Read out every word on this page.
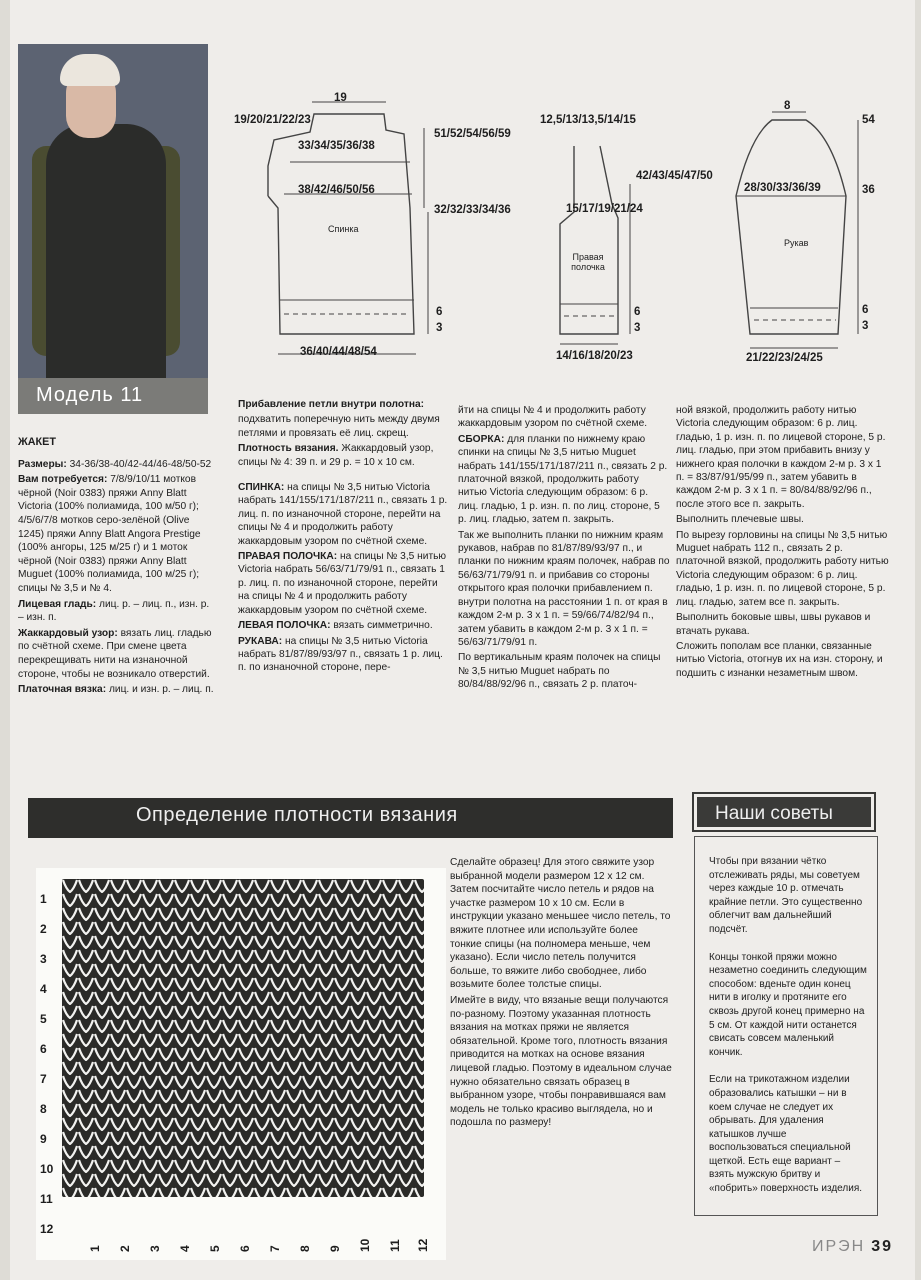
Модель 11

ЖАКЕТ

Размеры: 34-36/38-40/42-44/46-48/50-52

Вам потребуется: 7/8/9/10/11 мотков чёрной (Noir 0383) пряжи Anny Blatt Victoria (100% полиамида, 100 м/50 г); 4/5/6/7/8 мотков серо-зелёной (Olive 1245) пряжи Anny Blatt Angora Prestige (100% ангоры, 125 м/25 г) и 1 моток чёрной (Noir 0383) пряжи Anny Blatt Muguet (100% полиамида, 100 м/25 г); спицы № 3,5 и № 4.

Лицевая гладь: лиц. р. – лиц. п., изн. р. – изн. п.

Жаккардовый узор: вязать лиц. гладью по счётной схеме. При смене цвета перекрещивать нити на изнаночной стороне, чтобы не возникало отверстий.

Платочная вязка: лиц. и изн. р. – лиц. п.

19
33/34/35/36/38
38/42/46/50/56
19/20/21/22/23
51/52/54/56/59
32/32/33/34/36
6
3
36/40/44/48/54
Спинка
12,5/13/13,5/14/15
15/17/19/21/24
42/43/45/47/50
6
3
14/16/18/20/23
Правая полочка
8
28/30/33/36/39
54
36
6
3
21/22/23/24/25
Рукав

Прибавление петли внутри полотна:

подхватить поперечную нить между двумя петлями и провязать её лиц. скрещ.

Плотность вязания. Жаккардовый узор, спицы № 4: 39 п. и 29 р. = 10 x 10 см.

СПИНКА: на спицы № 3,5 нитью Victoria набрать 141/155/171/187/211 п., связать 1 р. лиц. п. по изнаночной стороне, перейти на спицы № 4 и продолжить работу жаккардовым узором по счётной схеме.

ПРАВАЯ ПОЛОЧКА: на спицы № 3,5 нитью Victoria набрать 56/63/71/79/91 п., связать 1 р. лиц. п. по изнаночной стороне, перейти на спицы № 4 и продолжить работу жаккардовым узором по счётной схеме.

ЛЕВАЯ ПОЛОЧКА: вязать симметрично.

РУКАВА: на спицы № 3,5 нитью Victoria набрать 81/87/89/93/97 п., связать 1 р. лиц. п. по изнаночной стороне, пере-

йти на спицы № 4 и продолжить работу жаккардовым узором по счётной схеме.

СБОРКА: для планки по нижнему краю спинки на спицы № 3,5 нитью Muguet набрать 141/155/171/187/211 п., связать 2 р. платочной вязкой, продолжить работу нитью Victoria следующим образом: 6 р. лиц. гладью, 1 р. изн. п. по лиц. стороне, 5 р. лиц. гладью, затем п. закрыть.

Так же выполнить планки по нижним краям рукавов, набрав по 81/87/89/93/97 п., и планки по нижним краям полочек, набрав по 56/63/71/79/91 п. и прибавив со стороны открытого края полочки прибавлением п. внутри полотна на расстоянии 1 п. от края в каждом 2-м р. 3 х 1 п. = 59/66/74/82/94 п., затем убавить в каждом 2-м р. 3 х 1 п. = 56/63/71/79/91 п.

По вертикальным краям полочек на спицы № 3,5 нитью Muguet набрать по 80/84/88/92/96 п., связать 2 р. платоч-

ной вязкой, продолжить работу нитью Victoria следующим образом: 6 р. лиц. гладью, 1 р. изн. п. по лицевой стороне, 5 р. лиц. гладью, при этом прибавить внизу у нижнего края полочки в каждом 2-м р. 3 х 1 п. = 83/87/91/95/99 п., затем убавить в каждом 2-м р. 3 х 1 п. = 80/84/88/92/96 п., после этого все п. закрыть.

Выполнить плечевые швы.

По вырезу горловины на спицы № 3,5 нитью Muguet набрать 112 п., связать 2 р. платочной вязкой, продолжить работу нитью Victoria следующим образом: 6 р. лиц. гладью, 1 р. изн. п. по лицевой стороне, 5 р. лиц. гладью, затем все п. закрыть.

Выполнить боковые швы, швы рукавов и втачать рукава.

Сложить пополам все планки, связанные нитью Victoria, отогнув их на изн. сторону, и подшить с изнанки незаметным швом.

Определение плотности вязания
1
2
3
4
5
6
7
8
9
10
11
12
1 2 3 4 5 6 7 8 9 10 11 12

Сделайте образец! Для этого свяжите узор выбранной модели размером 12 х 12 см. Затем посчитайте число петель и рядов на участке размером 10 х 10 см. Если в инструкции указано меньшее число петель, то вяжите плотнее или используйте более тонкие спицы (на полномера меньше, чем указано). Если число петель получится больше, то вяжите либо свободнее, либо возьмите более толстые спицы.

Имейте в виду, что вязаные вещи получаются по-разному. Поэтому указанная плотность вязания на мотках пряжи не является обязательной. Кроме того, плотность вязания приводится на мотках на основе вязания лицевой гладью. Поэтому в идеальном случае нужно обязательно связать образец в выбранном узоре, чтобы понравившаяся вам модель не только красиво выглядела, но и подошла по размеру!

Наши советы

Чтобы при вязании чётко отслеживать ряды, мы советуем через каждые 10 р. отмечать крайние петли. Это существенно облегчит вам дальнейший подсчёт.

Концы тонкой пряжи можно незаметно соединить следующим способом: вденьте один конец нити в иголку и протяните его сквозь другой конец примерно на 5 см. От каждой нити останется свисать совсем маленький кончик.

Если на трикотажном изделии образовались катышки – ни в коем случае не следует их обрывать. Для удаления катышков лучше воспользоваться специальной щеткой. Есть еще вариант – взять мужскую бритву и «побрить» поверхность изделия.

ИРЭН 39
